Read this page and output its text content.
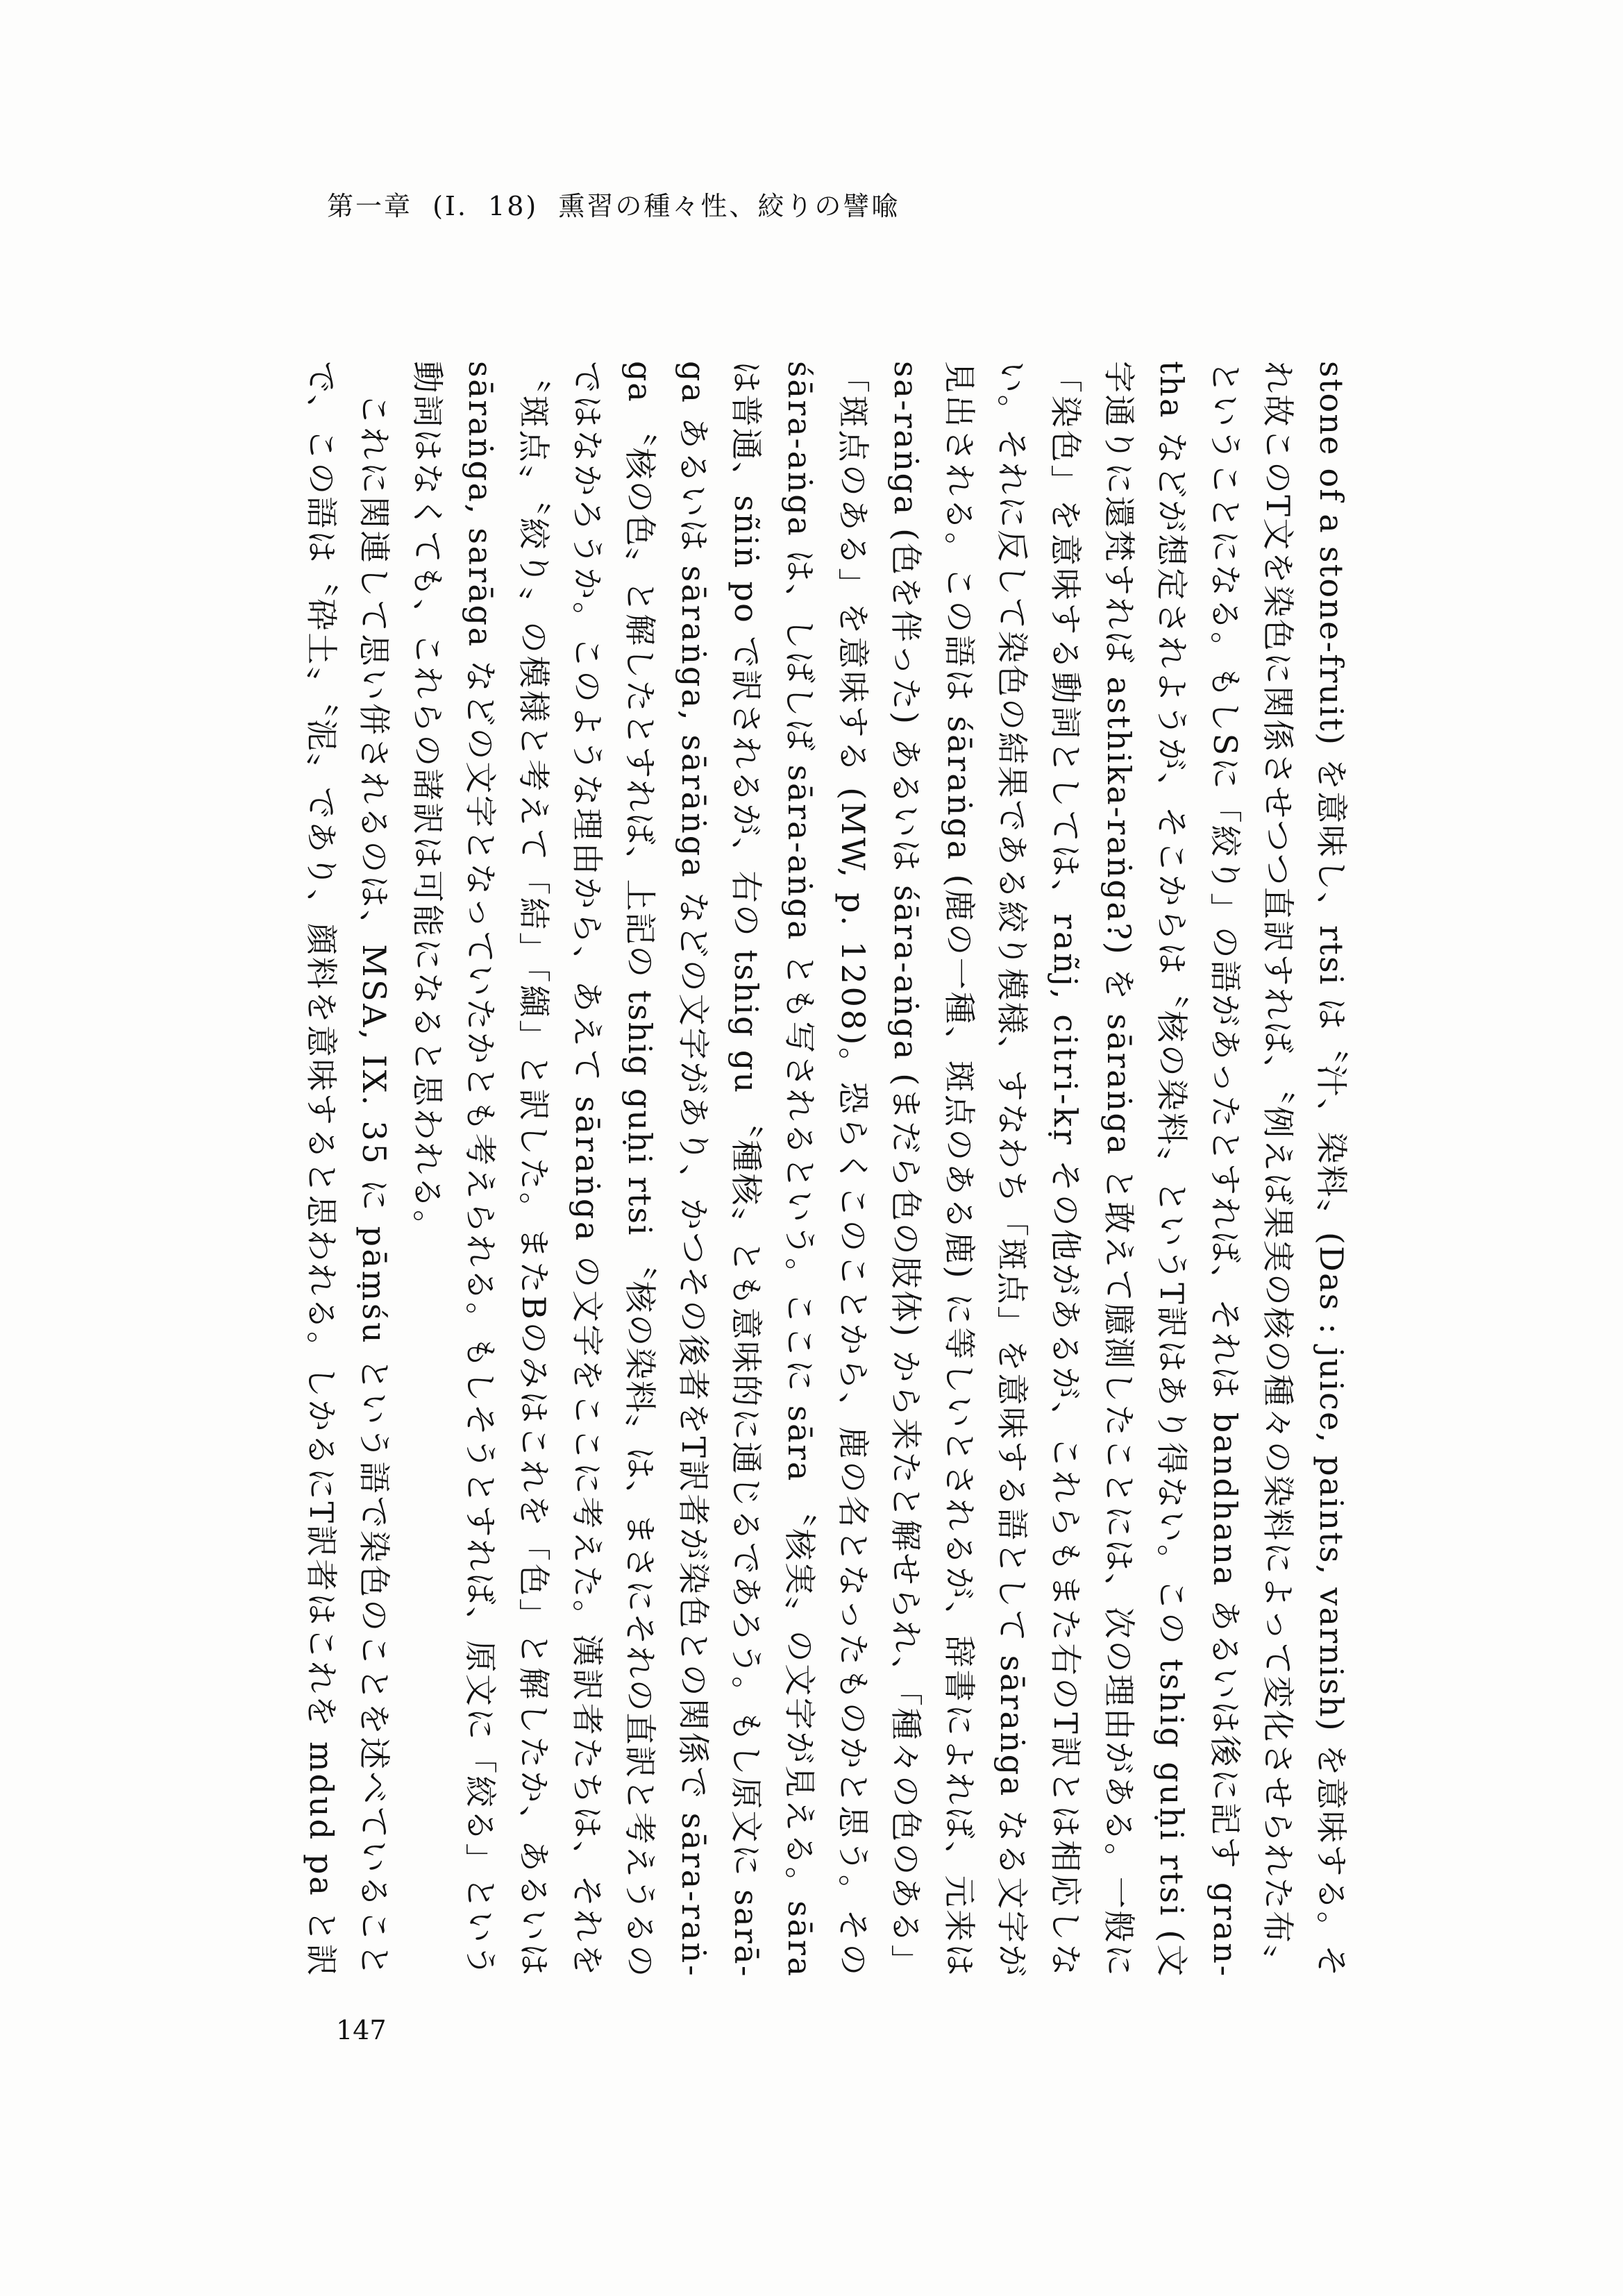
第一章 (I. 18) 熏習の種々性、絞りの譬喩
stone of a stone-fruit) を意味し、rtsi は〝汁、染料〟(Das : juice, paints, varnish) を意味する。そ
れ故このT文を染色に関係させつつ直訳すれば、〝例えば果実の核の種々の染料によって変化させられた布〟
ということになる。もしSに「絞り」の語があったとすれば、それは bandhana あるいは後に記す gran-
tha などが想定されようが、そこからは〝核の染料〟というT訳はあり得ない。この tshig guḥi rtsi (文
字通りに還梵すれば asthika-raṅga?) を sāraṅga と敢えて臆測したことには、次の理由がある。一般に
「染色」を意味する動詞としては、rañj, citri-kṛ その他があるが、これらもまた右のT訳とは相応しな
い。それに反して染色の結果である絞り模様、すなわち「斑点」を意味する語として sāraṅga なる文字が
見出される。この語は śāraṅga (鹿の一種、斑点のある鹿) に等しいとされるが、辞書によれば、元来は
sa-raṅga (色を伴った) あるいは śāra-aṅga (まだら色の肢体) から来たと解せられ、「種々の色のある」
「斑点のある」を意味する (MW, p. 1208)。恐らくこのことから、鹿の名となったものかと思う。その
śāra-aṅga は、しばしば sāra-aṅga とも写されるという。ここに sāra 〝核実〟の文字が見える。sāra
は普通、sñiṅ po で訳されるが、右の tshig gu 〝種核〟とも意味的に通じるであろう。もし原文に sarā-
ga あるいは sāraṅga, sārāṅga などの文字があり、かつその後者をT訳者が染色との関係で sāra-raṅ-
ga 〝核の色〟と解したとすれば、上記の tshig guḥi rtsi 〝核の染料〟は、まさにそれの直訳と考えうるの
ではなかろうか。このような理由から、あえて sāraṅga の文字をここに考えた。漢訳者たちは、それを
〝斑点〟〝絞り〟の模様と考えて「結」「纈」と訳した。またBのみはこれを「色」と解したか、あるいは
sāraṅga, sarāga などの文字となっていたかとも考えられる。もしそうとすれば、原文に「絞る」という
動詞はなくても、これらの諸訳は可能になると思われる。
これに関連して思い併されるのは、MSA, IX. 35 に pāṃśu という語で染色のことを述べていること
で、この語は〝砕土〟〝泥〟であり、顔料を意味すると思われる。しかるにT訳者はこれを mdud pa と訳
147
